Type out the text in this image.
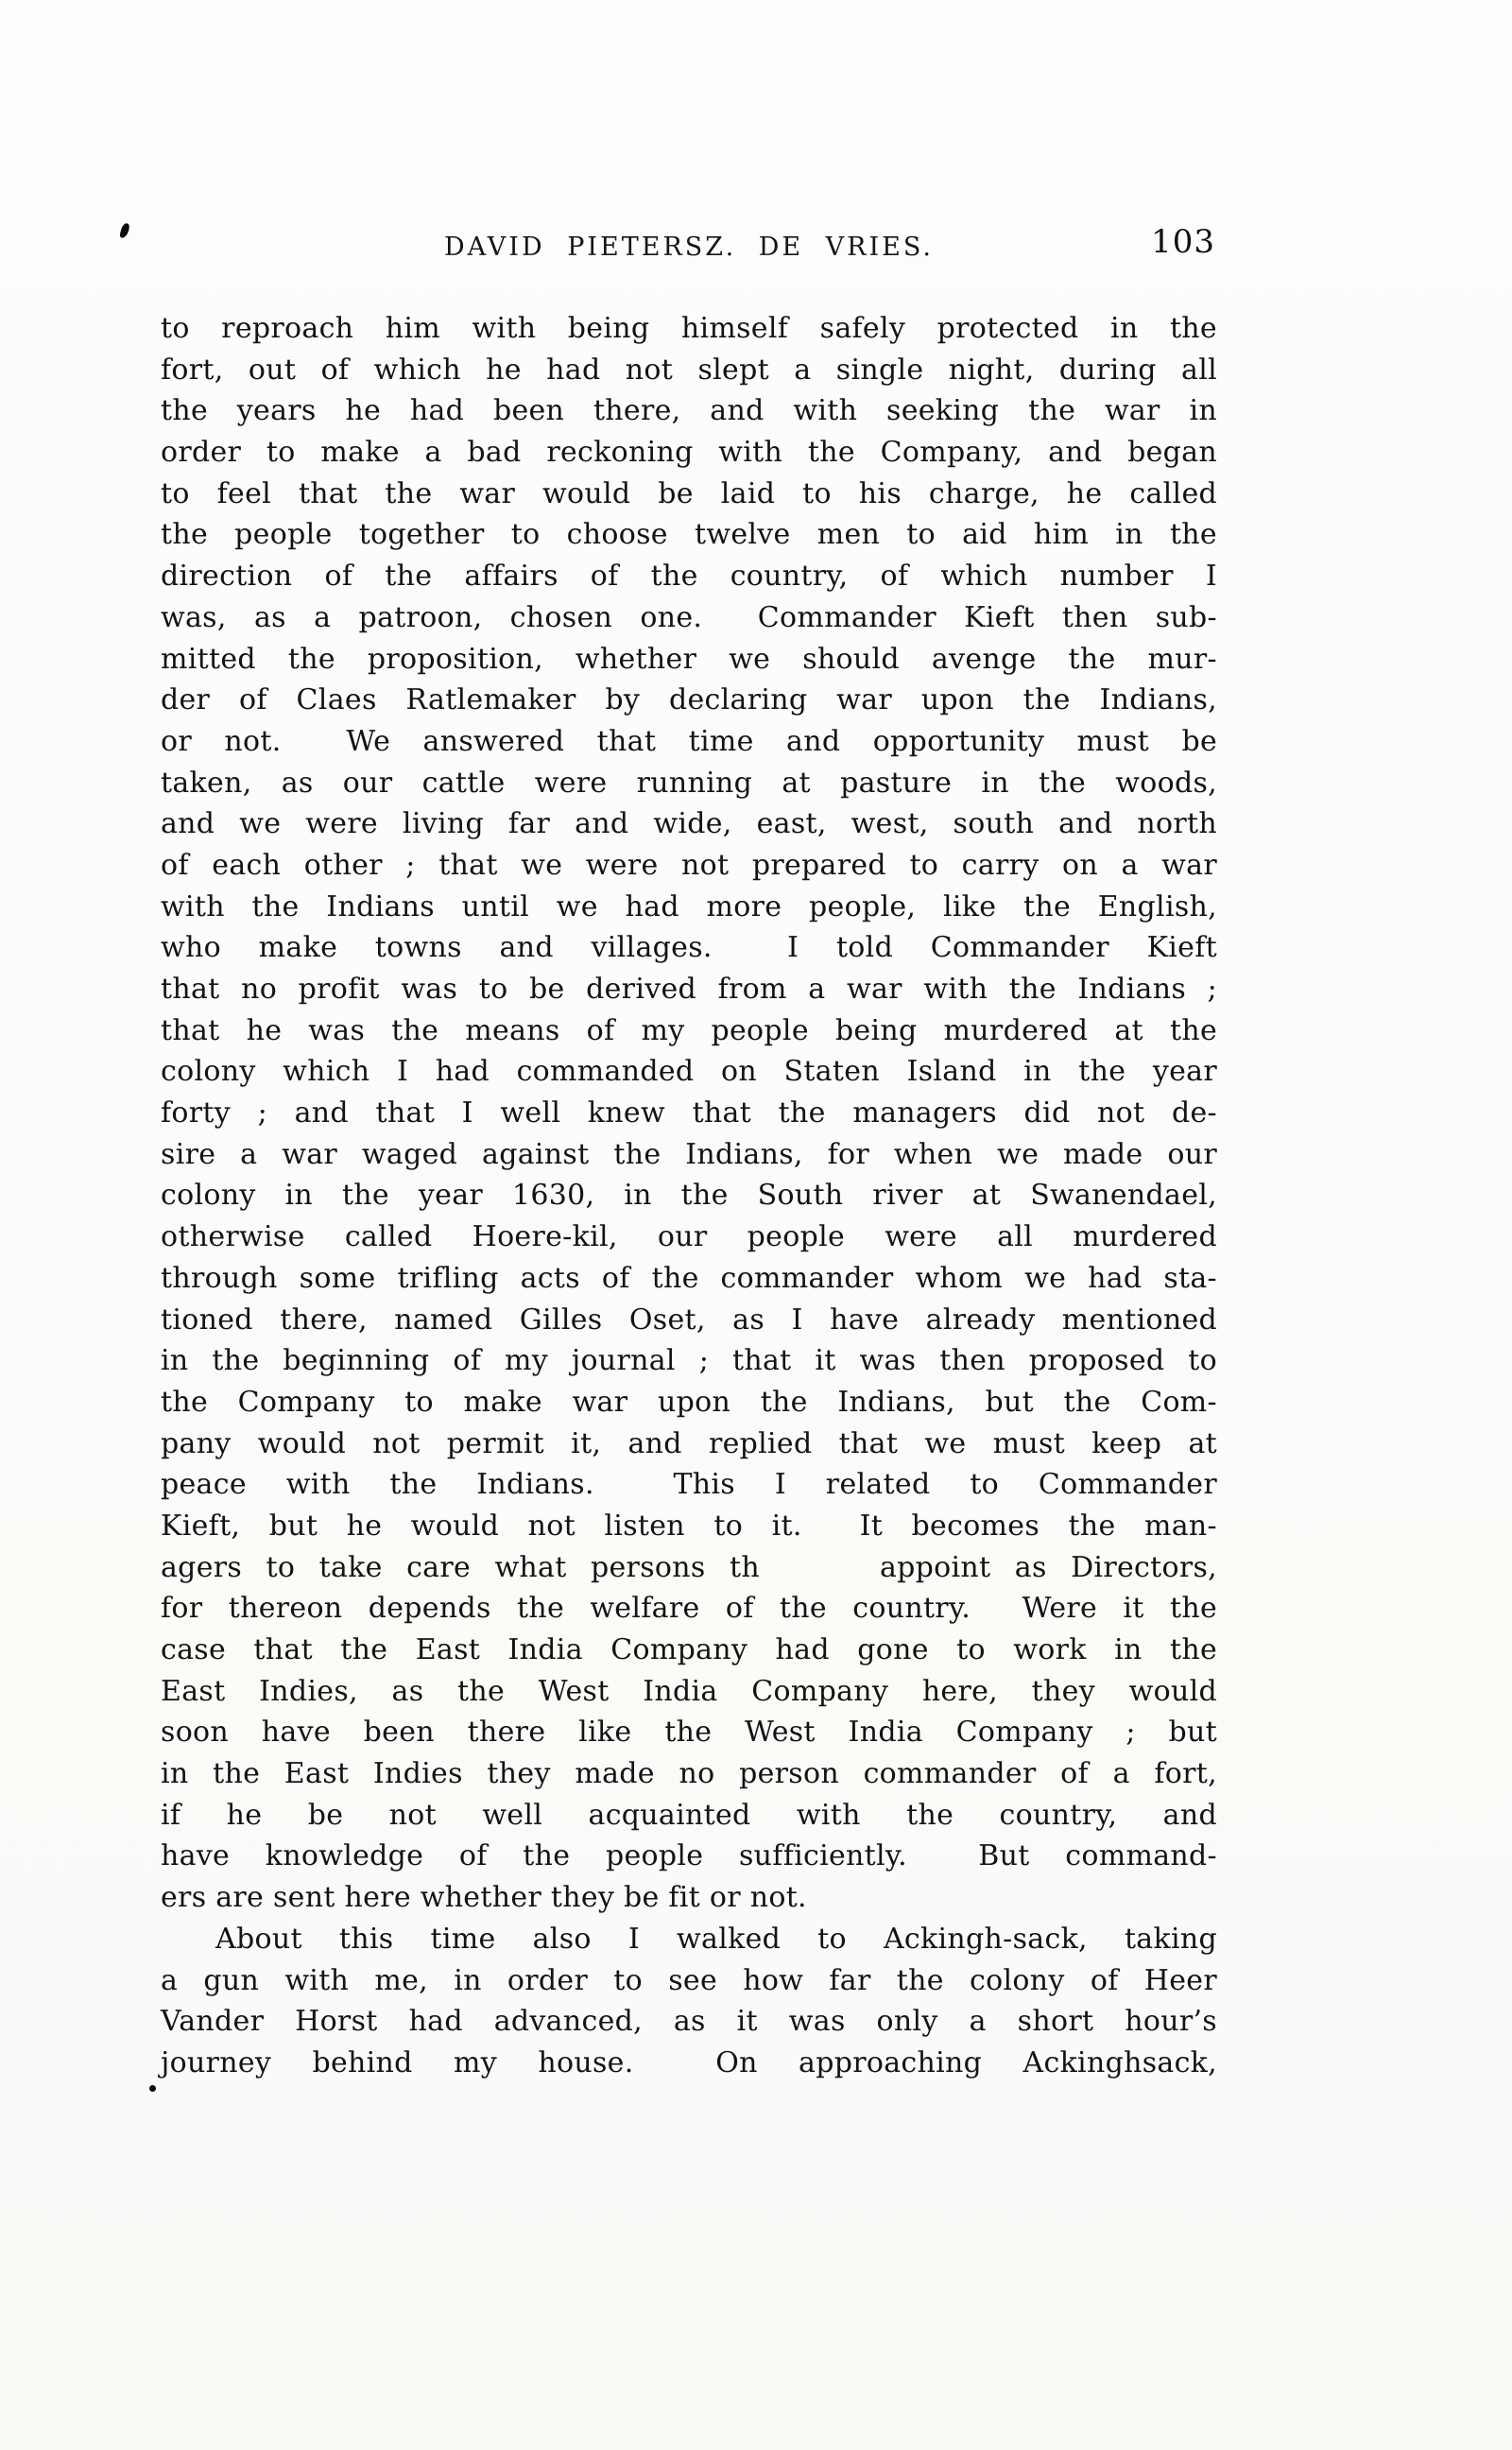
DAVID PIETERSZ. DE VRIES.	103
to reproach him with being himself safely protected in the
fort, out of which he had not slept a single night, during all
the years he had been there, and with seeking the war in
order to make a bad reckoning with the Company, and began
to feel that the war would be laid to his charge, he called
the people together to choose twelve men to aid him in the
direction of the affairs of the country, of which number I
was, as a patroon, chosen one.  Commander Kieft then sub-
mitted the proposition, whether we should avenge the mur-
der of Claes Ratlemaker by declaring war upon the Indians,
or not.  We answered that time and opportunity must be
taken, as our cattle were running at pasture in the woods,
and we were living far and wide, east, west, south and north
of each other ; that we were not prepared to carry on a war
with the Indians until we had more people, like the English,
who make towns and villages.  I told Commander Kieft
that no profit was to be derived from a war with the Indians ;
that he was the means of my people being murdered at the
colony which I had commanded on Staten Island in the year
forty ; and that I well knew that the managers did not de-
sire a war waged against the Indians, for when we made our
colony in the year 1630, in the South river at Swanendael,
otherwise called Hoere-kil, our people were all murdered
through some trifling acts of the commander whom we had sta-
tioned there, named Gilles Oset, as I have already mentioned
in the beginning of my journal ; that it was then proposed to
the Company to make war upon the Indians, but the Com-
pany would not permit it, and replied that we must keep at
peace with the Indians.  This I related to Commander
Kieft, but he would not listen to it.  It becomes the man-
agers to take care what persons th     appoint as Directors,
for thereon depends the welfare of the country.  Were it the
case that the East India Company had gone to work in the
East Indies, as the West India Company here, they would
soon have been there like the West India Company ; but
in the East Indies they made no person commander of a fort,
if he be not well acquainted with the country, and
have knowledge of the people sufficiently.  But command-
ers are sent here whether they be fit or not.
About this time also I walked to Ackingh-sack, taking
a gun with me, in order to see how far the colony of Heer
Vander Horst had advanced, as it was only a short hour’s
journey behind my house.  On approaching Ackinghsack,
